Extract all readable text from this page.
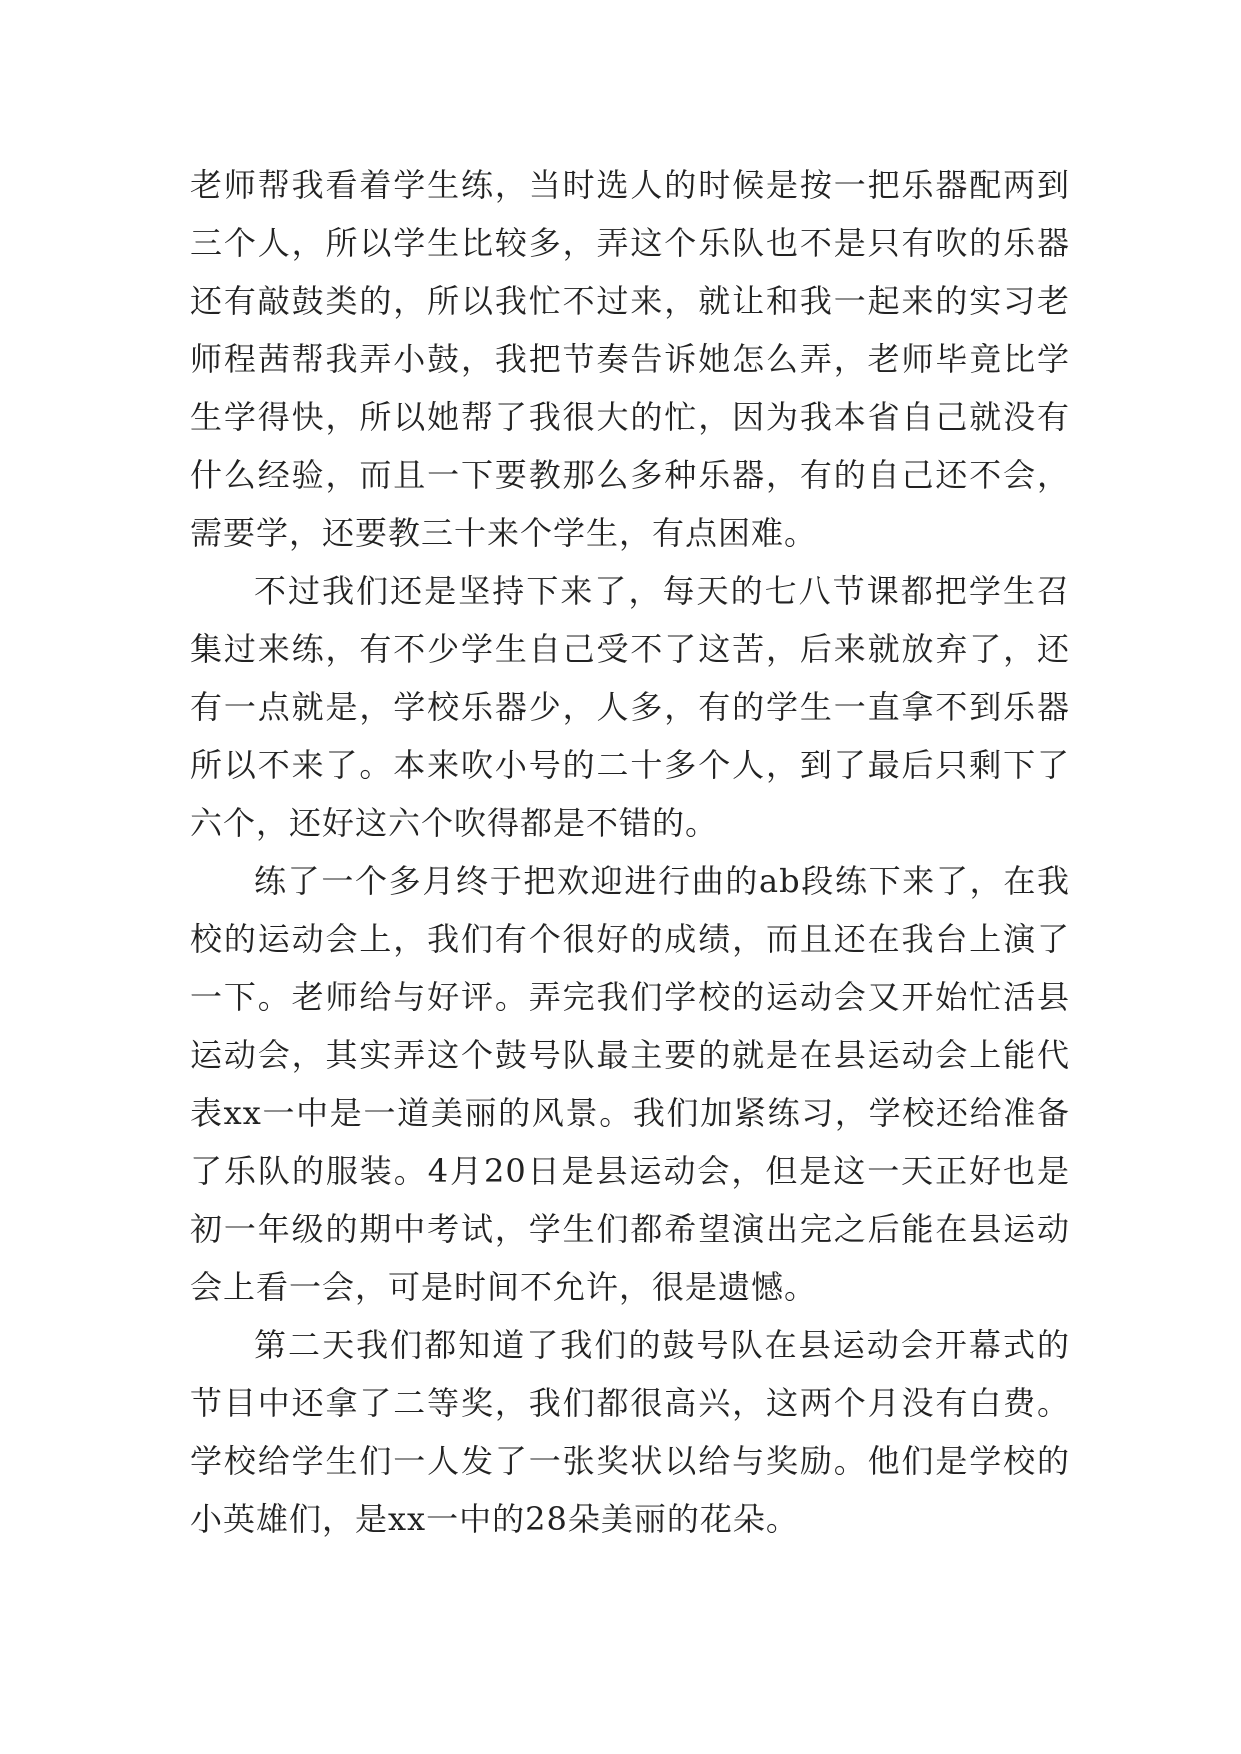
老师帮我看着学生练，当时选人的时候是按一把乐器配两到三个人，所以学生比较多，弄这个乐队也不是只有吹的乐器还有敲鼓类的，所以我忙不过来，就让和我一起来的实习老师程茜帮我弄小鼓，我把节奏告诉她怎么弄，老师毕竟比学生学得快，所以她帮了我很大的忙，因为我本省自己就没有什么经验，而且一下要教那么多种乐器，有的自己还不会，需要学，还要教三十来个学生，有点困难。

不过我们还是坚持下来了，每天的七八节课都把学生召集过来练，有不少学生自己受不了这苦，后来就放弃了，还有一点就是，学校乐器少，人多，有的学生一直拿不到乐器所以不来了。本来吹小号的二十多个人，到了最后只剩下了六个，还好这六个吹得都是不错的。

练了一个多月终于把欢迎进行曲的ab段练下来了，在我校的运动会上，我们有个很好的成绩，而且还在我台上演了一下。老师给与好评。弄完我们学校的运动会又开始忙活县运动会，其实弄这个鼓号队最主要的就是在县运动会上能代表xx一中是一道美丽的风景。我们加紧练习，学校还给准备了乐队的服装。4月20日是县运动会，但是这一天正好也是初一年级的期中考试，学生们都希望演出完之后能在县运动会上看一会，可是时间不允许，很是遗憾。

第二天我们都知道了我们的鼓号队在县运动会开幕式的节目中还拿了二等奖，我们都很高兴，这两个月没有白费。学校给学生们一人发了一张奖状以给与奖励。他们是学校的小英雄们，是xx一中的28朵美丽的花朵。
